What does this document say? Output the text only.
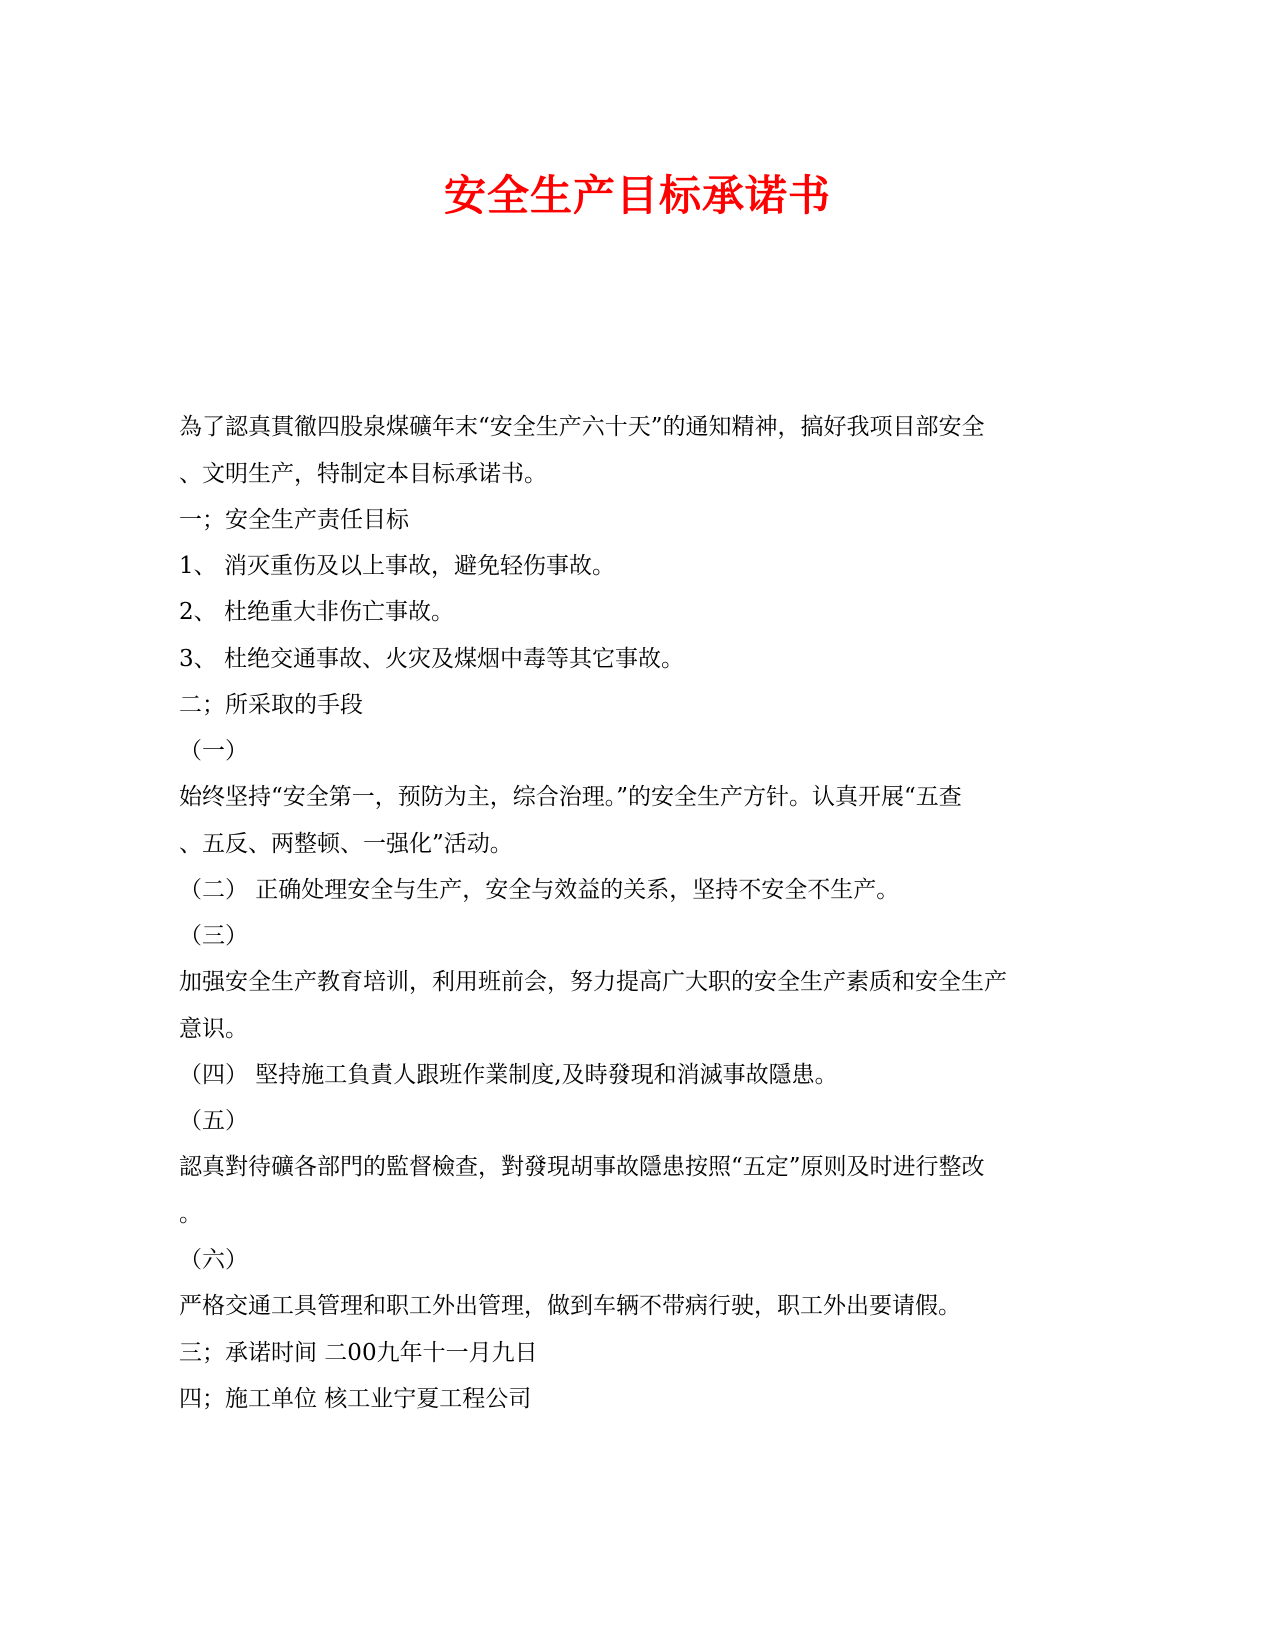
安全生产目标承诺书
為了認真貫徹四股泉煤礦年末“安全生产六十天”的通知精神，搞好我项目部安全
、文明生产，特制定本目标承诺书。
一；安全生产责任目标
1、 消灭重伤及以上事故，避免轻伤事故。
2、 杜绝重大非伤亡事故。
3、 杜绝交通事故、火灾及煤烟中毒等其它事故。
二；所采取的手段
（一）
始终坚持“安全第一，预防为主，综合治理。”的安全生产方针。认真开展“五查
、五反、两整顿、一强化”活动。
（二） 正确处理安全与生产，安全与效益的关系，坚持不安全不生产。
（三）
加强安全生产教育培训，利用班前会，努力提高广大职的安全生产素质和安全生产
意识。
（四） 堅持施工負責人跟班作業制度,及時發現和消滅事故隱患。
（五）
認真對待礦各部門的監督檢查，對發現胡事故隱患按照“五定”原则及时进行整改
。
（六）
严格交通工具管理和职工外出管理，做到车辆不带病行驶，职工外出要请假。
三；承诺时间 二00九年十一月九日
四；施工单位 核工业宁夏工程公司
